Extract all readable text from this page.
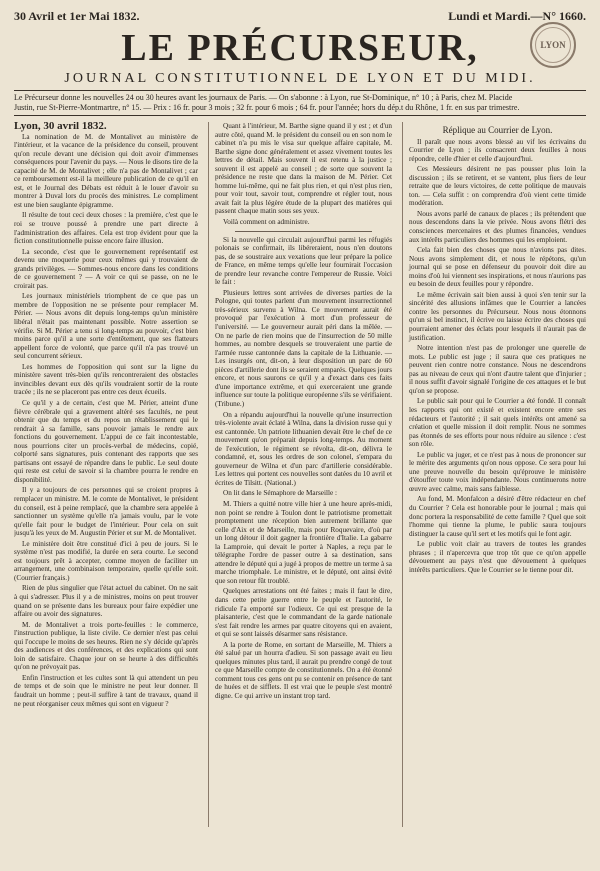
30 Avril et 1er Mai 1832.	Lundi et Mardi.—N° 1660.
LYON
LE PRÉCURSEUR,
JOURNAL CONSTITUTIONNEL DE LYON ET DU MIDI.
Le Précurseur donne les nouvelles 24 ou 30 heures avant les journaux de Paris. — On s'abonne : à Lyon, rue St-Dominique, n° 10 ; à Paris, chez M. Placide
Justin, rue St-Pierre-Montmartre, n° 15. — Prix : 16 fr. pour 3 mois ; 32 fr. pour 6 mois ; 64 fr. pour l'année; hors du dép.t du Rhône, 1 fr. en sus par trimestre.

Lyon, 30 avril 1832.

La nomination de M. de Montalivet au ministère de l'intérieur, et la vacance de la présidence du conseil, prouvent qu'on recule devant une décision qui doit avoir d'immenses conséquences pour l'avenir du pays. — Nous le disons tire de la capacité de M. de Montalivet ; elle n'a pas de Montalivet ; car ce remboursement est-il la meilleure publication de ce qu'il en est, et le Journal des Débats est réduit à le louer d'avoir su montrer à Duval lors du procès des ministres. Le compliment est une bien sauglante épigramme.

Il résulte de tout ceci deux choses : la première, c'est que le roi se trouve poussé à prendre une part directe à l'administration des affaires. Cela est trop évident pour que la fiction constitutionnelle puisse encore faire illusion.

La seconde, c'est que le gouvernement représentatif est devenu une moquerie pour ceux mêmes qui y trouvaient de grands privilèges. — Sommes-nous encore dans les conditions de ce gouvernement ? — A voir ce qui se passe, on ne le croirait pas.

Les journaux ministériels triomphent de ce que pas un membre de l'opposition ne se présente pour remplacer M. Périer. — Nous avons dit depuis long-temps qu'un ministère libéral n'était pas maintenant possible. Notre assertion se vérifie. Si M. Périer a tenu si long-temps au pouvoir, c'est bien moins parce qu'il a une sorte d'entêtement, que ses flatteurs appellent force de volonté, que parce qu'il n'a pas trouvé un seul concurrent sérieux.

Les hommes de l'opposition qui sont sur la ligne du ministère savent très-bien qu'ils rencontreraient des obstacles invincibles devant eux dès qu'ils voudraient sortir de la route tracée ; ils ne se placeront pas entre ces deux écueils.

Ce qu'il y a de certain, c'est que M. Périer, atteint d'une fièvre cérébrale qui a gravement altéré ses facultés, ne peut obtenir que du temps et du repos un rétablissement qui le rendrait à sa famille, sans pouvoir jamais le rendre aux fonctions du gouvernement. L'appui de ce fait incontestable, nous pourrions citer un procès-verbal de médecins, copié, colporté sans signatures, puis contenant des rapports que ses partisans ont essayé de répandre dans le public. Le seul doute qui reste est celui de savoir si la chambre pourra le rendre en disponibilité.

Il y a toujours de ces personnes qui se croient propres à remplacer un ministre. M. le comte de Montalivet, le président du conseil, est à peine remplacé, que la chambre sera appelée à sanctionner un système qu'elle n'a jamais voulu, par le vote qu'elle fait pour le budget de l'intérieur. Pour cela on suit jusqu'à les yeux de M. Augustin Périer et sur M. de Montalivet.

Le ministère doit être constitué d'ici à peu de jours. Si le système n'est pas modifié, la durée en sera courte. Le second est toujours prêt à accepter, comme moyen de faciliter un arrangement, une combinaison temporaire, quelle qu'elle soit. (Courrier français.)

Rien de plus singulier que l'état actuel du cabinet. On ne sait à qui s'adresser. Plus il y a de ministres, moins on peut trouver quand on se présente dans les bureaux pour faire expédier une affaire ou avoir des signatures.

M. de Montalivet a trois porte-feuilles : le commerce, l'instruction publique, la liste civile. Ce dernier n'est pas celui qui l'occupe le moins de ses heures. Rien ne s'y décide qu'après des audiences et des conférences, et des explications qui sont loin de satisfaire. Chaque jour on se heurte à des difficultés qu'on ne prévoyait pas.

Enfin l'instruction et les cultes sont là qui attendent un peu de temps et de soin que le ministre ne peut leur donner. Il faudrait un homme ; peut-il suffire à tant de travaux, quand il ne peut réorganiser ceux mêmes qui sont en vigueur ?

Quant à l'intérieur, M. Barthe signe quand il y est ; et d'un autre côté, quand M. le président du conseil ou en son nom le cabinet n'a pu mis le visa sur quelque affaire capitale, M. Barthe signe donc généralement et assez vivement toutes les lettres de détail. Mais souvent il est retenu à la justice ; souvent il est appelé au conseil ; de sorte que souvent la présidence ne reste que dans la maison de M. Périer. Cet homme lui-même, qui ne fait plus rien, et qui n'est plus rien, pour voir tout, savoir tout, comprendre et régler tout, nous avait fait la plus légère étude de la plupart des matières qui passent chaque matin sous ses yeux.

Voilà comment on administre.

Si la nouvelle qui circulait aujourd'hui parmi les réfugiés polonais se confirmait, ils libéreraient, nous n'en doutons pas, de se soustraire aux vexations que leur prépare la police de France, en même temps qu'elle leur fournirait l'occasion de prendre leur revanche contre l'empereur de Russie. Voici le fait :

Plusieurs lettres sont arrivées de diverses parties de la Pologne, qui toutes parlent d'un mouvement insurrectionnel très-sérieux survenu à Wilna. Ce mouvement aurait été provoqué par l'exécution à mort d'un professeur de l'université. — Le gouverneur aurait péri dans la mêlée. — On ne parle de rien moins que de l'insurrection de 50 mille hommes, au nombre desquels se trouveraient une partie de l'armée russe cantonnée dans la capitale de la Lithuanie. — Les insurgés ont, dit-on, à leur disposition un parc de 60 pièces d'artillerie dont ils se seraient emparés. Quelques jours encore, et nous saurons ce qu'il y a d'exact dans ces faits d'une importance extrême, et qui exerceraient une grande influence sur toute la politique européenne s'ils se vérifiaient. (Tribune.)

On a répandu aujourd'hui la nouvelle qu'une insurrection très-violente avait éclaté à Wilna, dans la division russe qui y est cantonnée. Un patriote lithuanien devait être le chef de ce mouvement qu'on préparait depuis long-temps. Au moment de l'exécution, le régiment se révolta, dit-on, délivra le condamné, et, sous les ordres de son colonel, s'empara du gouverneur de Wilna et d'un parc d'artillerie considérable. Les lettres qui portent ces nouvelles sont datées du 10 avril et écrites de Tilsitt. (National.)

On lit dans le Sémaphore de Marseille :

M. Thiers a quitté notre ville hier à une heure après-midi, non point se rendre à Toulon dont le patriotisme promettait promptement une réception bien autrement brillante que celle d'Aix et de Marseille, mais pour Roquevaire, d'où par un long détour il doit gagner la frontière d'Italie. La gabarre la Lamproie, qui devait le porter à Naples, a reçu par le télégraphe l'ordre de passer outre à sa destination, sans attendre le député qui a jugé à propos de mettre un terme à sa marche triomphale. Le ministre, et le député, ont ainsi évité que son retour fût troublé.

Quelques arrestations ont été faites ; mais il faut le dire, dans cette petite guerre entre le peuple et l'autorité, le ridicule l'a emporté sur l'odieux. Ce qui est presque de la plaisanterie, c'est que le commandant de la garde nationale s'est fait rendre les armes par quatre citoyens qui en avaient, et qui se sont laissés désarmer sans résistance.

A la porte de Rome, en sortant de Marseille, M. Thiers a été salué par un hourra d'adieu. Si son passage avait eu lieu quelques minutes plus tard, il aurait pu prendre congé de tout ce que Marseille compte de constitutionnels. On a été étonné comment tous ces gens ont pu se contenir en présence de tant de huées et de sifflets. Il est vrai que le peuple s'est montré digne. Ce qui arrive un instant trop tard.

Réplique au Courrier de Lyon.

Il paraît que nous avons blessé au vif les écrivains du Courrier de Lyon ; ils consacrent deux feuilles à nous répondre, celle d'hier et celle d'aujourd'hui.

Ces Messieurs désirent ne pas pousser plus loin la discussion ; ils se retirent, et se vantent, plus fiers de leur retraite que de leurs victoires, de cette politique de mauvais ton. — Cela suffit : on comprendra d'où vient cette timide modération.

Nous avons parlé de canaux de places ; ils prétendent que nous descendons dans la vie privée. Nous avons flétri des consciences mercenaires et des plumes financées, vendues aux intérêts particuliers des hommes qui les emploient.

Cela fait bien des choses que nous n'avions pas dites. Nous avons simplement dit, et nous le répétons, qu'un journal qui se pose en défenseur du pouvoir doit dire au moins d'où lui viennent ses inspirations, et nous n'aurions pas eu besoin de deux feuilles pour y répondre.

Le même écrivain sait bien aussi à quoi s'en tenir sur la sincérité des allusions infâmes que le Courrier a lancées contre les personnes du Précurseur. Nous nous étonnons qu'un si bel instinct, il écrive ou laisse écrire des choses qui pourraient amener des éclats pour lesquels il n'aurait pas de justification.

Notre intention n'est pas de prolonger une querelle de mots. Le public est juge ; il saura que ces pratiques ne peuvent rien contre notre constance. Nous ne descendrons pas au niveau de ceux qui n'ont d'autre talent que d'injurier ; il nous suffit d'avoir signalé l'origine de ces attaques et le but qu'on se propose.

Le public sait pour qui le Courrier a été fondé. Il connaît les rapports qui ont existé et existent encore entre ses rédacteurs et l'autorité ; il sait quels intérêts ont amené sa création et quelle mission il doit remplir. Nous ne sommes pas étonnés de ses efforts pour nous réduire au silence : c'est son rôle.

Le public va juger, et ce n'est pas à nous de prononcer sur le mérite des arguments qu'on nous oppose. Ce sera pour lui une preuve nouvelle du besoin qu'éprouve le ministère d'étouffer toute voix indépendante. Nous continuerons notre œuvre avec calme, mais sans faiblesse.

Au fond, M. Monfalcon a désiré d'être rédacteur en chef du Courrier ? Cela est honorable pour le journal ; mais qui donc portera la responsabilité de cette famille ? Quel que soit l'homme qui tienne la plume, le public saura toujours distinguer la cause qu'il sert et les motifs qui le font agir.

Le public voit clair au travers de toutes les grandes phrases ; il n'apercevra que trop tôt que ce qu'on appelle dévouement au pays n'est que dévouement à quelques intérêts particuliers. Que le Courrier se le tienne pour dit.
